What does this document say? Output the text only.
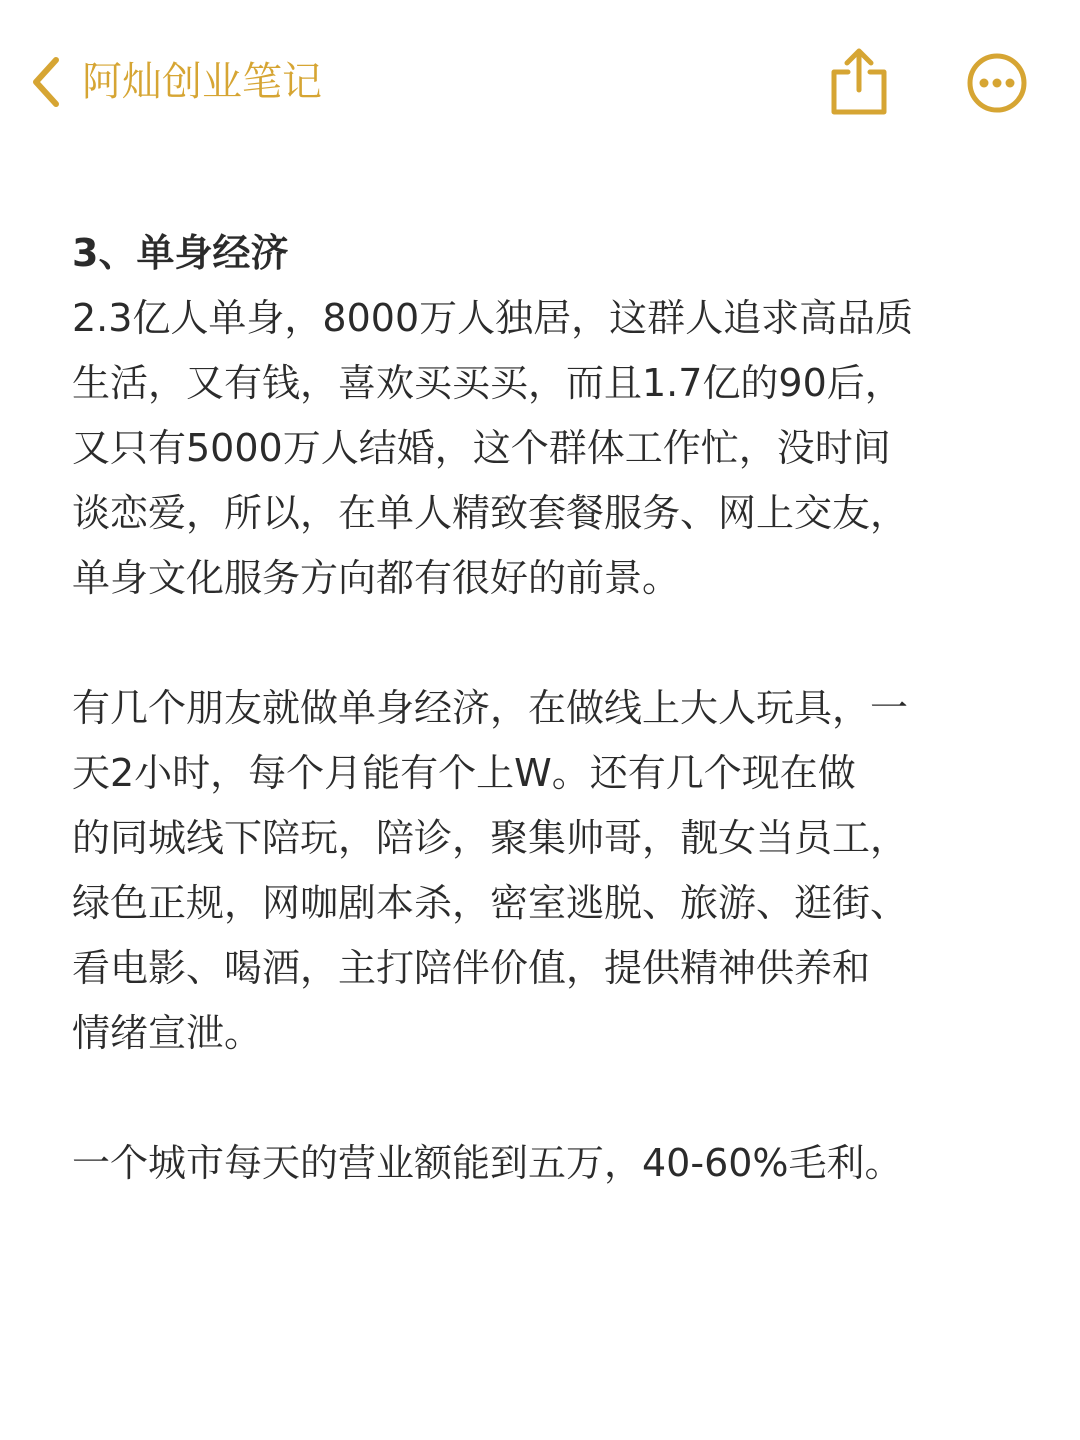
阿灿创业笔记
3、单身经济
2.3亿人单身，8000万人独居，这群人追求高品质
生活，又有钱，喜欢买买买，而且1.7亿的90后，
又只有5000万人结婚，这个群体工作忙，没时间
谈恋爱，所以，在单人精致套餐服务、网上交友，
单身文化服务方向都有很好的前景。
有几个朋友就做单身经济，在做线上大人玩具，一
天2小时，每个月能有个上W。还有几个现在做
的同城线下陪玩，陪诊，聚集帅哥，靓女当员工，
绿色正规，网咖剧本杀，密室逃脱、旅游、逛街、
看电影、喝酒，主打陪伴价值，提供精神供养和
情绪宣泄。
一个城市每天的营业额能到五万，40-60%毛利。
